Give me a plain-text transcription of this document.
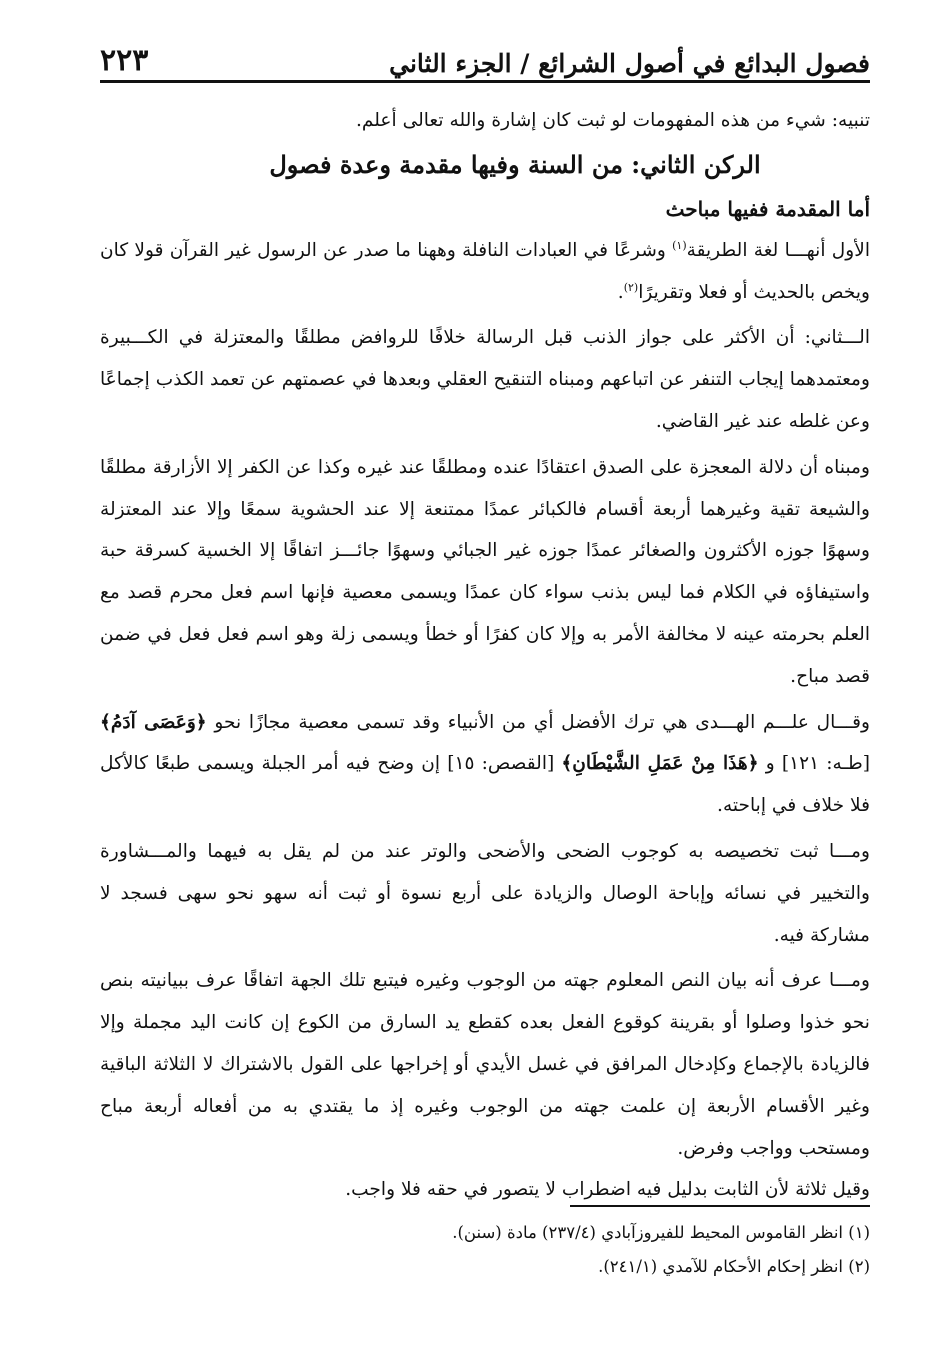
فصول البدائع في أصول الشرائع / الجزء الثاني
٢٢٣

تنبيه: شيء من هذه المفهومات لو ثبت كان إشارة والله تعالى أعلم.

الركن الثاني: من السنة وفيها مقدمة وعدة فصول

أما المقدمة ففيها مباحث

الأول أنهـــا لغة الطريقة$^{(١)}$ وشرعًا في العبادات النافلة وههنا ما صدر عن الرسول غير القرآن قولا كان ويخص بالحديث أو فعلا وتقريرًا$^{(٢)}$.

الـــثاني: أن الأكثر على جواز الذنب قبل الرسالة خلافًا للروافض مطلقًا والمعتزلة في الكـــبيرة ومعتمدهما إيجاب التنفر عن اتباعهم ومبناه التنقيح العقلي وبعدها في عصمتهم عن تعمد الكذب إجماعًا وعن غلطه عند غير القاضي.

ومبناه أن دلالة المعجزة على الصدق اعتقادًا عنده ومطلقًا عند غيره وكذا عن الكفر إلا الأزارقة مطلقًا والشيعة تقية وغيرهما أربعة أقسام فالكبائر عمدًا ممتنعة إلا عند الحشوية سمعًا وإلا عند المعتزلة وسهوًا جوزه الأكثرون والصغائر عمدًا جوزه غير الجبائي وسهوًا جائـــز اتفاقًا إلا الخسية كسرقة حبة واستيفاؤه في الكلام فما ليس بذنب سواء كان عمدًا ويسمى معصية فإنها اسم فعل محرم قصد مع العلم بحرمته عينه لا مخالفة الأمر به وإلا كان كفرًا أو خطأ ويسمى زلة وهو اسم فعل فعل في ضمن قصد مباح.

وقـــال علـــم الهـــدى هي ترك الأفضل أي من الأنبياء وقد تسمى معصية مجازًا نحو ﴿وَعَصَى آدَمُ﴾ [طـه: ١٢١] و ﴿هَذَا مِنْ عَمَلِ الشَّيْطَانِ﴾ [القصص: ١٥] إن وضح فيه أمر الجبلة ويسمى طبعًا كالأكل فلا خلاف في إباحته.

ومـــا ثبت تخصيصه به كوجوب الضحى والأضحى والوتر عند من لم يقل به فيهما والمـــشاورة والتخيير في نسائه وإباحة الوصال والزيادة على أربع نسوة أو ثبت أنه سهو نحو سهى فسجد لا مشاركة فيه.

ومـــا عرف أنه بيان النص المعلوم جهته من الوجوب وغيره فيتبع تلك الجهة اتفاقًا عرف ببيانيته بنص نحو خذوا وصلوا أو بقرينة كوقوع الفعل بعده كقطع يد السارق من الكوع إن كانت اليد مجملة وإلا فالزيادة بالإجماع وكإدخال المرافق في غسل الأيدي أو إخراجها على القول بالاشتراك لا الثلاثة الباقية وغير الأقسام الأربعة إن علمت جهته من الوجوب وغيره إذ ما يقتدي به من أفعاله أربعة مباح ومستحب وواجب وفرض.

وقيل ثلاثة لأن الثابت بدليل فيه اضطراب لا يتصور في حقه فلا واجب.

(١) انظر القاموس المحيط للفيروزآبادي (٢٣٧/٤) مادة (سنن).

(٢) انظر إحكام الأحكام للآمدي (٢٤١/١).
